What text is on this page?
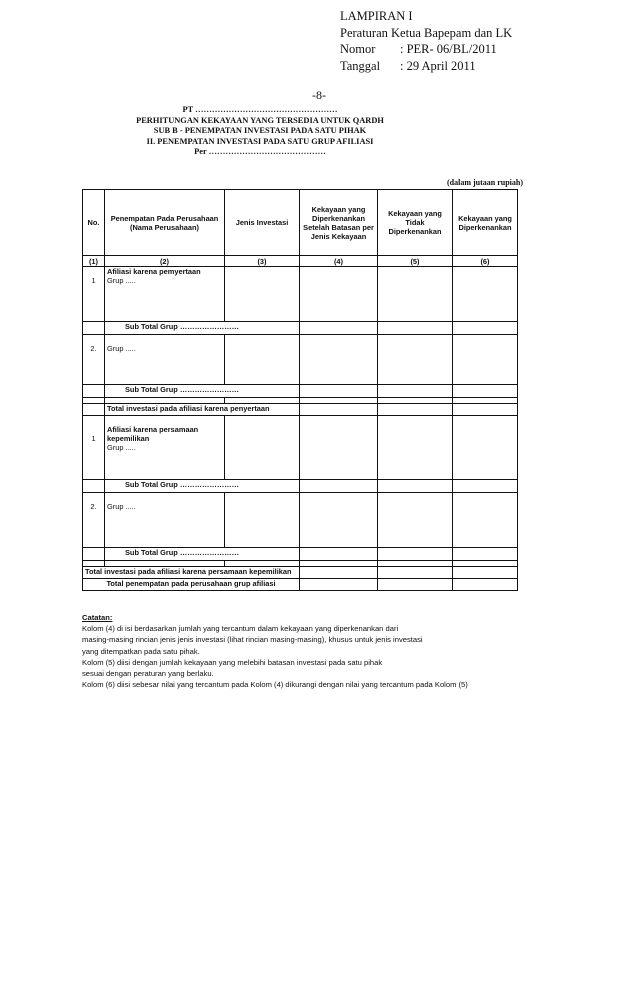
LAMPIRAN I
Peraturan Ketua Bapepam dan LK
Nomor	: PER- 06/BL/2011
Tanggal	: 29 April 2011
-8-
PT ……………………………………………
PERHITUNGAN KEKAYAAN YANG TERSEDIA UNTUK QARDH
SUB B - PENEMPATAN INVESTASI PADA SATU PIHAK
II. PENEMPATAN INVESTASI PADA SATU GRUP AFILIASI
Per ……………………………………
(dalam jutaan rupiah)
No.	Penempatan Pada Perusahaan (Nama Perusahaan)	Jenis Investasi	Kekayaan yang Diperkenankan Setelah Batasan per Jenis Kekayaan	Kekayaan yang Tidak Diperkenankan	Kekayaan yang Diperkenankan
(1)	(2)	(3)	(4)	(5)	(6)

1	Afiliasi karena pemyertaan
Grup .....				
	Sub Total Grup ……………………				

2.	Grup .....				
	Sub Total Grup ……………………				

	Total investasi pada afiliasi karena penyertaan				

1	Afiliasi karena persamaan kepemilikan
Grup .....				
	Sub Total Grup ……………………				

2.	Grup .....				
	Sub Total Grup ……………………				

Total investasi pada afiliasi karena persamaan kepemilikan					
Total penempatan pada perusahaan grup afiliasi					
Catatan:
Kolom (4) di isi berdasarkan jumlah yang tercantum dalam kekayaan yang diperkenankan dari
masing-masing rincian jenis jenis investasi (lihat rincian masing-masing), khusus untuk jenis investasi
yang ditempatkan pada satu pihak.
Kolom (5) diisi dengan jumlah kekayaan yang melebihi batasan investasi pada satu pihak
sesuai dengan peraturan yang berlaku.
Kolom (6) diisi sebesar nilai yang tercantum pada Kolom (4) dikurangi dengan nilai yang tercantum pada Kolom (5)
